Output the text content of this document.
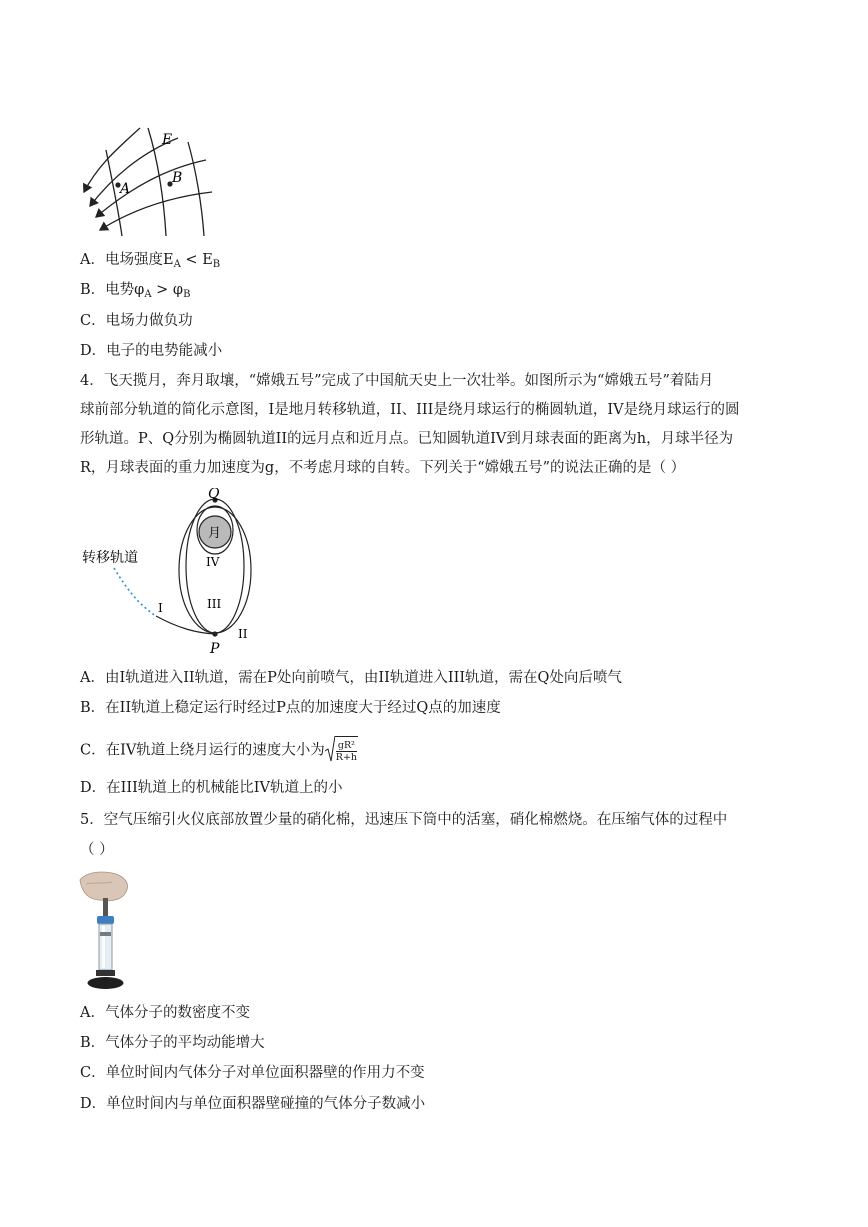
E
A
B
A．电场强度$E_A < E_B$
B．电势$\varphi_A > \varphi_B$
C．电场力做负功
D．电子的电势能减小
4．飞天揽月，奔月取壤，“嫦娥五号”完成了中国航天史上一次壮举。如图所示为“嫦娥五号”着陆月
球前部分轨道的简化示意图，I是地月转移轨道，II、III是绕月球运行的椭圆轨道，IV是绕月球运行的圆
形轨道。P、Q分别为椭圆轨道II的远月点和近月点。已知圆轨道IV到月球表面的距离为h，月球半径为
R，月球表面的重力加速度为g，不考虑月球的自转。下列关于“嫦娥五号”的说法正确的是（ ）
Q
月
IV
III
I
II
P
转移轨道
A．由I轨道进入II轨道，需在P处向前喷气，由II轨道进入III轨道，需在Q处向后喷气
B．在II轨道上稳定运行时经过P点的加速度大于经过Q点的加速度
C．在IV轨道上绕月运行的速度大小为 $\frac{\text{gR²}}{R+h}$
D．在III轨道上的机械能比IV轨道上的小
5．空气压缩引火仪底部放置少量的硝化棉，迅速压下筒中的活塞，硝化棉燃烧。在压缩气体的过程中
（ ）
A．气体分子的数密度不变
B．气体分子的平均动能增大
C．单位时间内气体分子对单位面积器壁的作用力不变
D．单位时间内与单位面积器壁碰撞的气体分子数减小
